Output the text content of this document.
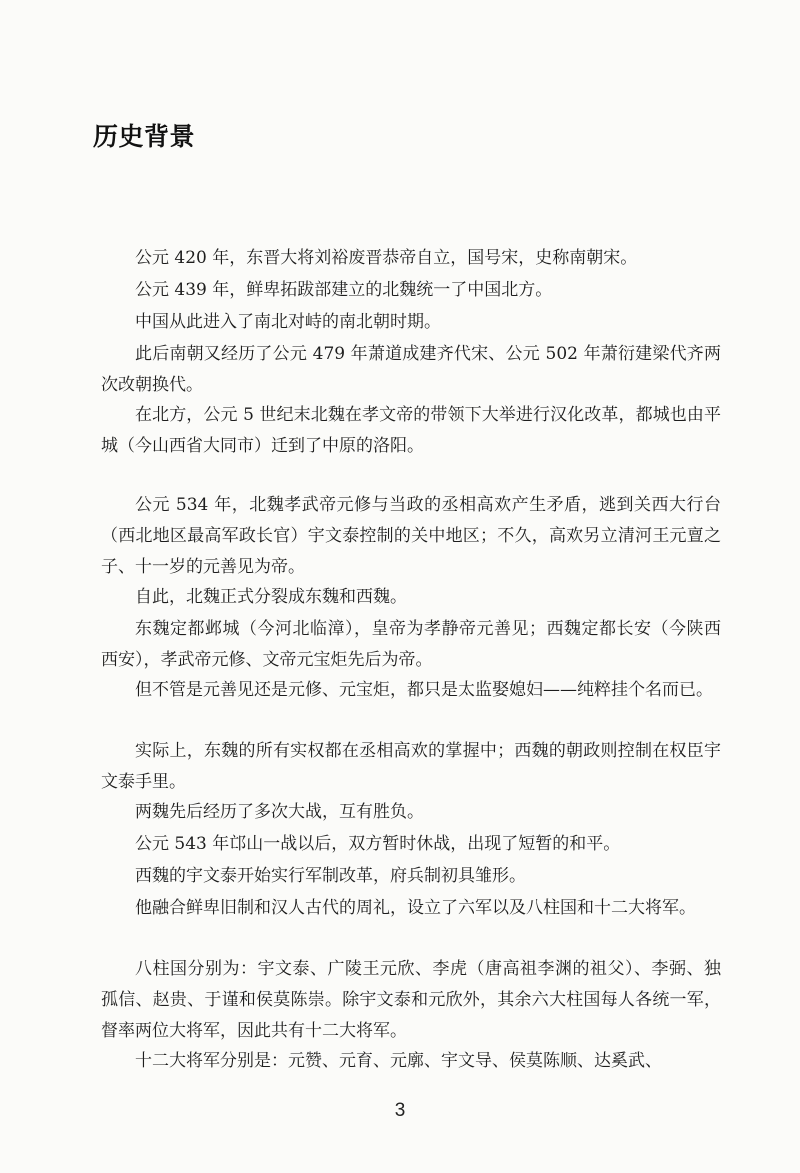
历史背景

公元 420 年，东晋大将刘裕废晋恭帝自立，国号宋，史称南朝宋。

公元 439 年，鲜卑拓跋部建立的北魏统一了中国北方。

中国从此进入了南北对峙的南北朝时期。

此后南朝又经历了公元 479 年萧道成建齐代宋、公元 502 年萧衍建梁代齐两次改朝换代。

在北方，公元 5 世纪末北魏在孝文帝的带领下大举进行汉化改革，都城也由平城（今山西省大同市）迁到了中原的洛阳。

公元 534 年，北魏孝武帝元修与当政的丞相高欢产生矛盾，逃到关西大行台（西北地区最高军政长官）宇文泰控制的关中地区；不久，高欢另立清河王元亶之子、十一岁的元善见为帝。

自此，北魏正式分裂成东魏和西魏。

东魏定都邺城（今河北临漳），皇帝为孝静帝元善见；西魏定都长安（今陕西西安），孝武帝元修、文帝元宝炬先后为帝。

但不管是元善见还是元修、元宝炬，都只是太监娶媳妇——纯粹挂个名而已。

实际上，东魏的所有实权都在丞相高欢的掌握中；西魏的朝政则控制在权臣宇文泰手里。

两魏先后经历了多次大战，互有胜负。

公元 543 年邙山一战以后，双方暂时休战，出现了短暂的和平。

西魏的宇文泰开始实行军制改革，府兵制初具雏形。

他融合鲜卑旧制和汉人古代的周礼，设立了六军以及八柱国和十二大将军。

八柱国分别为：宇文泰、广陵王元欣、李虎（唐高祖李渊的祖父）、李弼、独孤信、赵贵、于谨和侯莫陈崇。除宇文泰和元欣外，其余六大柱国每人各统一军，督率两位大将军，因此共有十二大将军。

十二大将军分别是：元赞、元育、元廓、宇文导、侯莫陈顺、达奚武、

3
